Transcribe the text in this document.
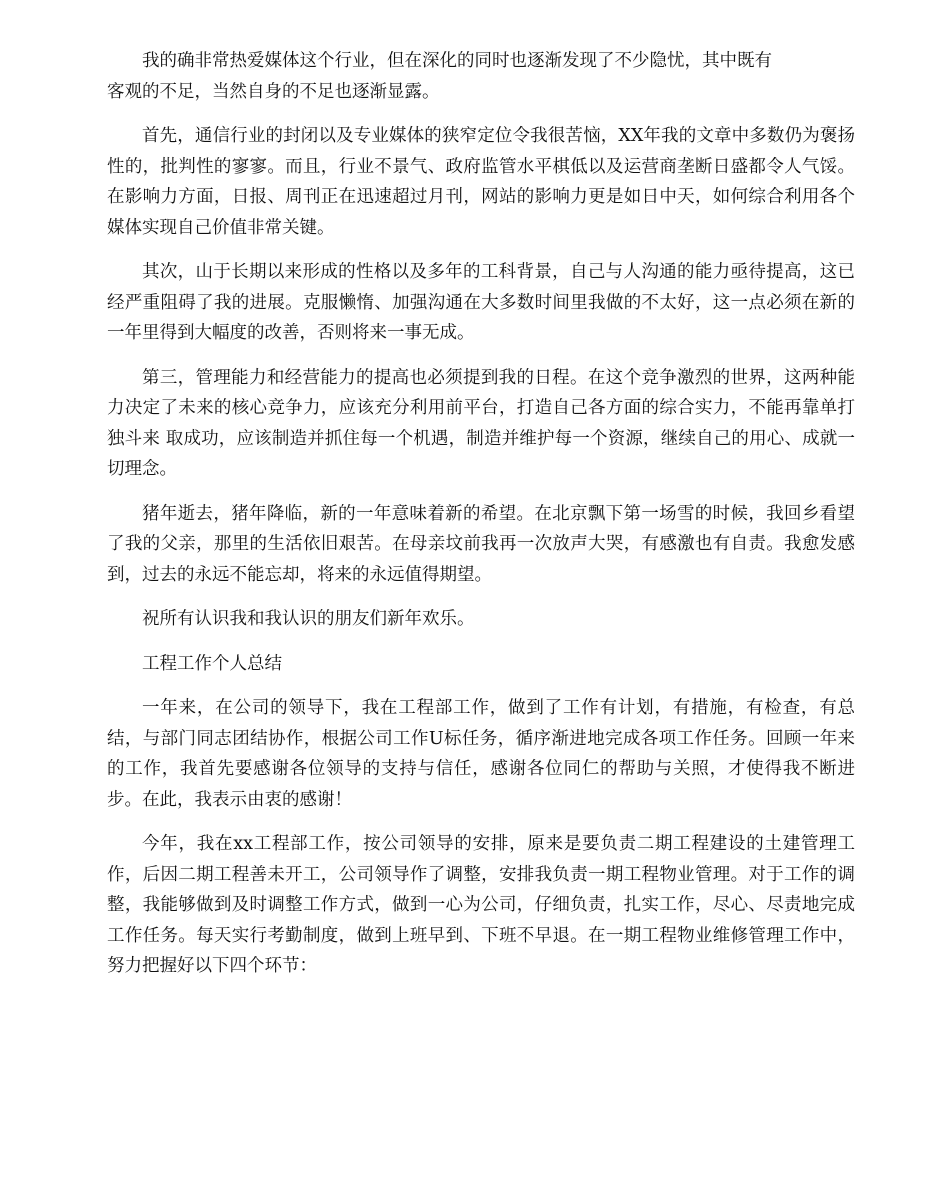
我的确非常热爱媒体这个行业，但在深化的同时也逐渐发现了不少隐忧，其中既有
客观的不足，当然自身的不足也逐渐显露。

首先，通信行业的封闭以及专业媒体的狭窄定位令我很苦恼，XX年我的文章中多数仍为褒扬性的，批判性的寥寥。而且，行业不景气、政府监管水平棋低以及运营商垄断日盛都令人气馁。在影响力方面，日报、周刊正在迅速超过月刊，网站的影响力更是如日中天，如何综合利用各个媒体实现自己价值非常关键。

其次，山于长期以来形成的性格以及多年的工科背景，自己与人沟通的能力亟待提高，这已经严重阻碍了我的进展。克服懒惰、加强沟通在大多数时间里我做的不太好，这一点必须在新的一年里得到大幅度的改善，否则将来一事无成。

第三，管理能力和经营能力的提高也必须提到我的日程。在这个竞争激烈的世界，这两种能力决定了未来的核心竞争力，应该充分利用前平台，打造自己各方面的综合实力，不能再靠单打独斗来 取成功，应该制造并抓住每一个机遇，制造并维护每一个资源，继续自己的用心、成就一切理念。

猪年逝去，猪年降临，新的一年意味着新的希望。在北京飘下第一场雪的时候，我回乡看望了我的父亲，那里的生活依旧艰苦。在母亲坟前我再一次放声大哭，有感激也有自责。我愈发感到，过去的永远不能忘却，将来的永远值得期望。

祝所有认识我和我认识的朋友们新年欢乐。

工程工作个人总结

一年来，在公司的领导下，我在工程部工作，做到了工作有计划，有措施，有检查，有总结，与部门同志团结协作，根据公司工作U标任务，循序渐进地完成各项工作任务。回顾一年来的工作，我首先要感谢各位领导的支持与信任，感谢各位同仁的帮助与关照，才使得我不断进步。在此，我表示由衷的感谢！

今年，我在xx工程部工作，按公司领导的安排，原来是要负责二期工程建设的土建管理工作，后因二期工程善未开工，公司领导作了调整，安排我负责一期工程物业管理。对于工作的调整，我能够做到及时调整工作方式，做到一心为公司，仔细负责，扎实工作，尽心、尽责地完成工作任务。每天实行考勤制度，做到上班早到、下班不早退。在一期工程物业维修管理工作中，努力把握好以下四个环节：
